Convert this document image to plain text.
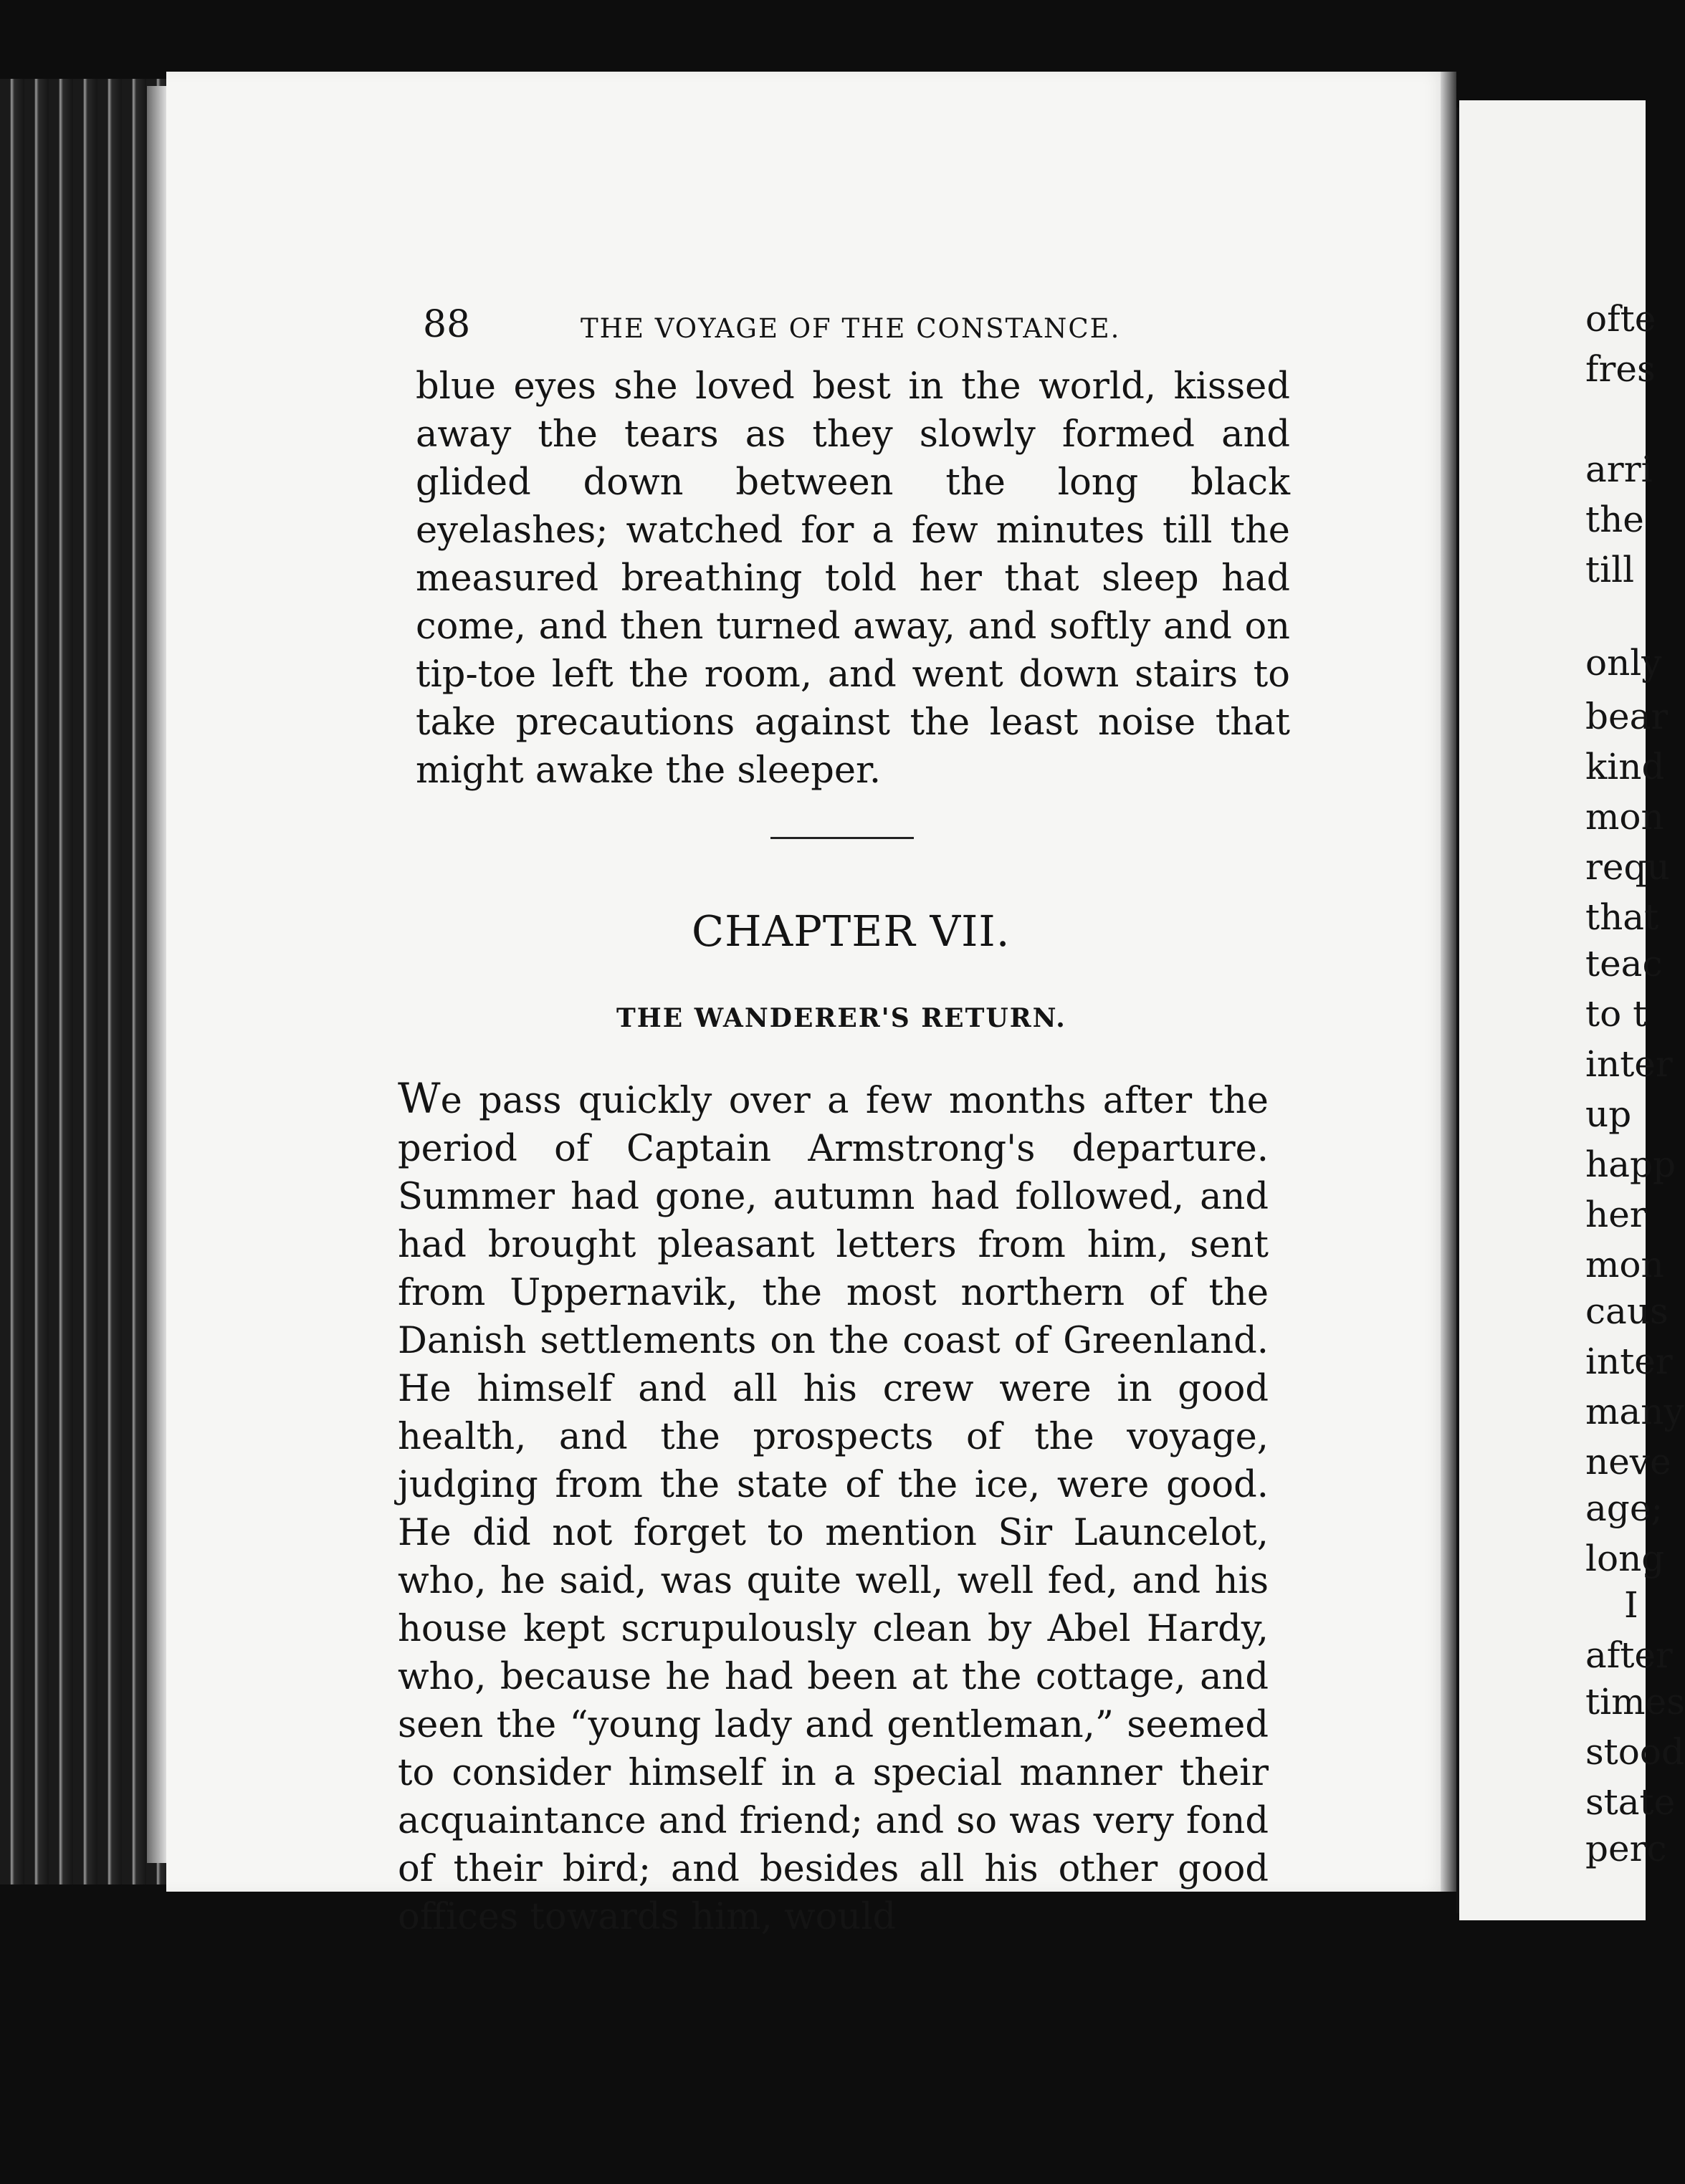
88	THE VOYAGE OF THE CONSTANCE.
blue eyes she loved best in the world, kissed away the tears as they slowly formed and glided down between the long black eyelashes; watched for a few minutes till the measured breathing told her that sleep had come, and then turned away, and softly and on tip-toe left the room, and went down stairs to take precautions against the least noise that might awake the sleeper.
CHAPTER VII.
THE WANDERER'S RETURN.
We pass quickly over a few months after the period of Captain Armstrong's departure. Summer had gone, autumn had followed, and had brought pleasant letters from him, sent from Uppernavik, the most northern of the Danish settlements on the coast of Greenland. He himself and all his crew were in good health, and the prospects of the voyage, judging from the state of the ice, were good. He did not forget to mention Sir Launcelot, who, he said, was quite well, well fed, and his house kept scrupulously clean by Abel Hardy, who, because he had been at the cottage, and seen the “young lady and gentleman,” seemed to consider himself in a special manner their acquaintance and friend; and so was very fond of their bird; and besides all his other good offices towards him, would
ofte
fres
arri
the
till
only
bear
kind
mon
requ
that
teac
to t
inter
up
happ
her
mon
caus
inter
many
neve
age;
long
I
after
times
stood
state
perc
